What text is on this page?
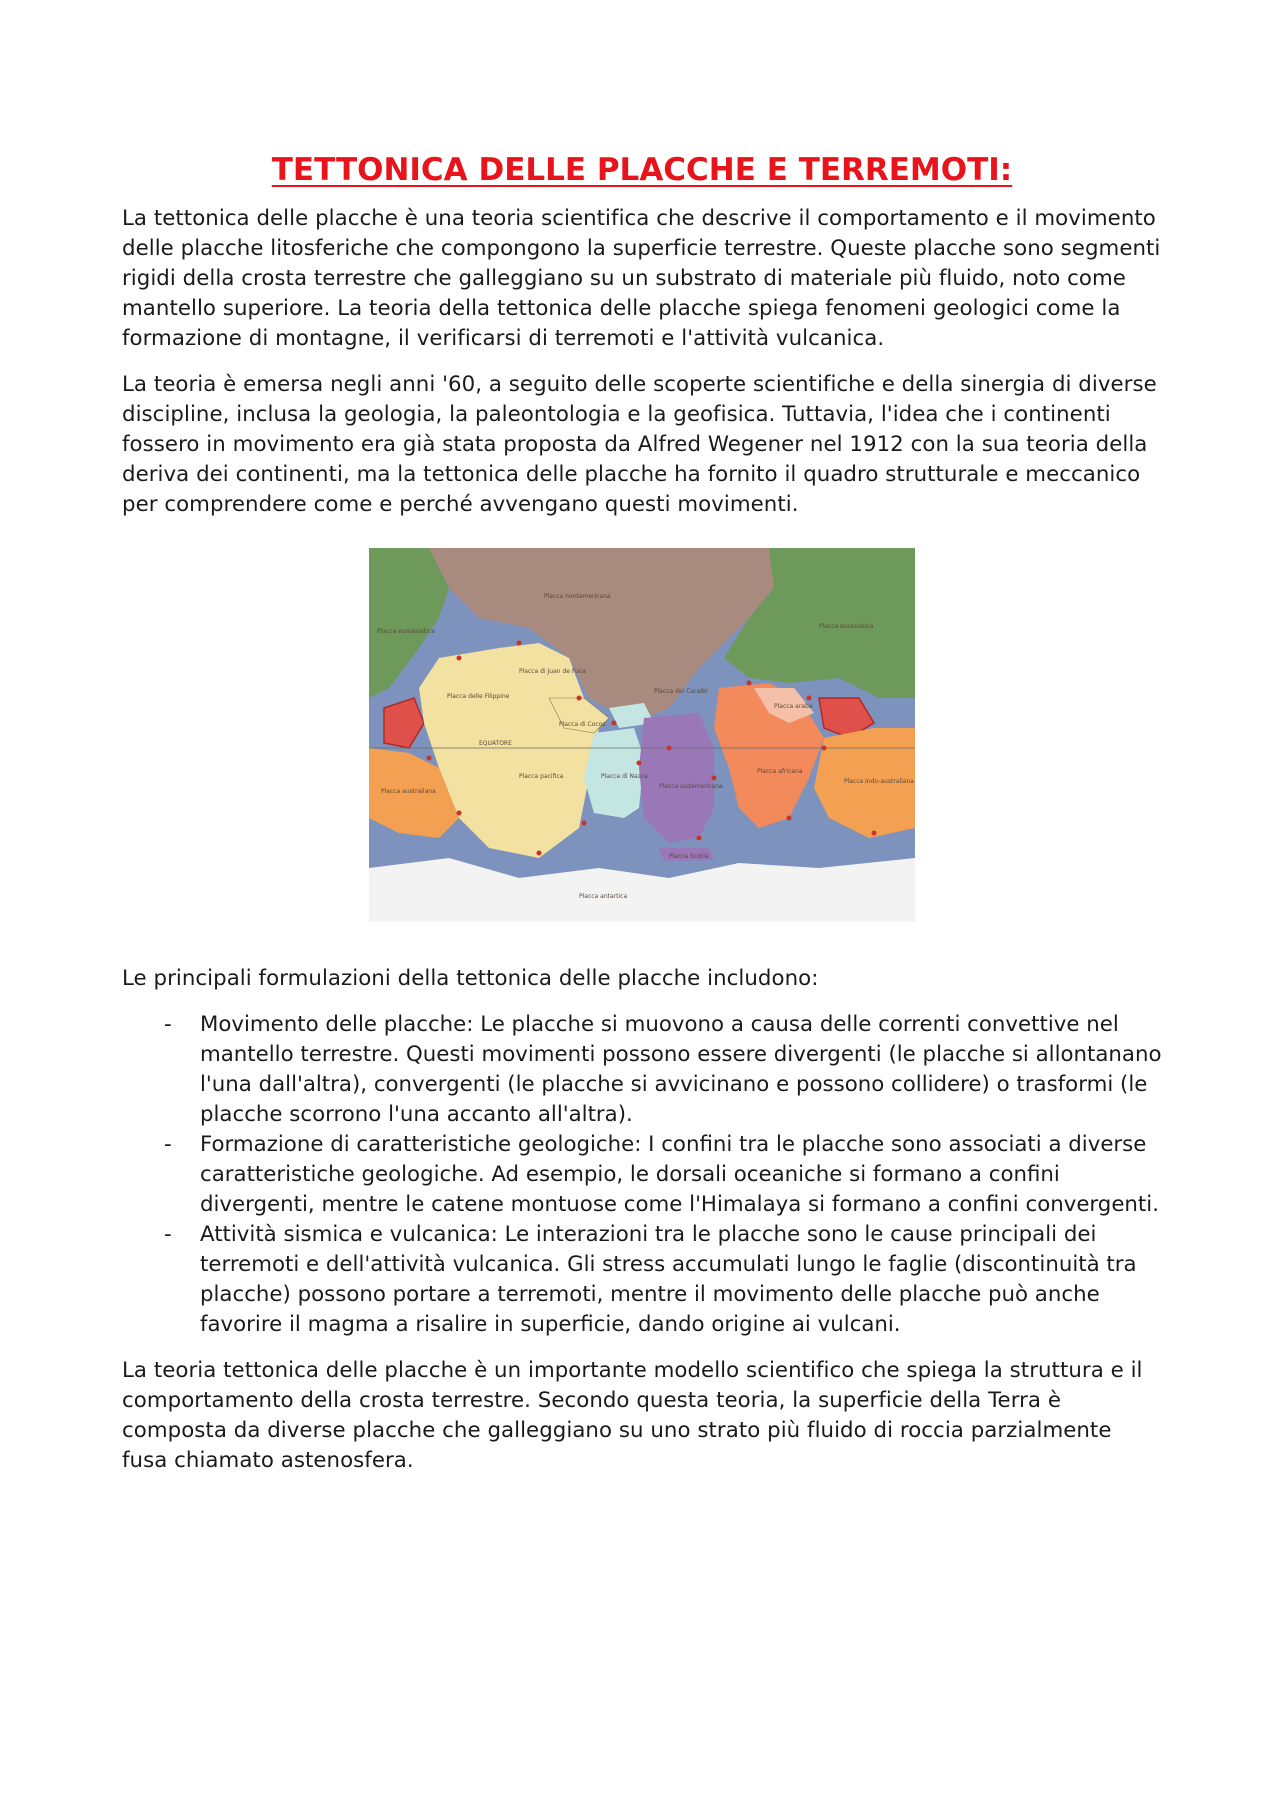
TETTONICA DELLE PLACCHE E TERREMOTI:

La tettonica delle placche è una teoria scientifica che descrive il comportamento e il movimento delle placche litosferiche che compongono la superficie terrestre. Queste placche sono segmenti rigidi della crosta terrestre che galleggiano su un substrato di materiale più fluido, noto come mantello superiore. La teoria della tettonica delle placche spiega fenomeni geologici come la formazione di montagne, il verificarsi di terremoti e l'attività vulcanica.

La teoria è emersa negli anni '60, a seguito delle scoperte scientifiche e della sinergia di diverse discipline, inclusa la geologia, la paleontologia e la geofisica. Tuttavia, l'idea che i continenti fossero in movimento era già stata proposta da Alfred Wegener nel 1912 con la sua teoria della deriva dei continenti, ma la tettonica delle placche ha fornito il quadro strutturale e meccanico per comprendere come e perché avvengano questi movimenti.

Placca euroasiatica
Placca nordamericana
Placca eurasiatica
Placca di Juan de Fuca
Placca delle Filippine
Placca dei Caraibi
Placca di Cocos
EQUATORE
Placca pacifica	Placca di Nazca
Placca sudamericana
Placca araba
Placca africana
Placca indo-australiana
Placca australiana
Placca Scotia
Placca antartica

Le principali formulazioni della tettonica delle placche includono:

- Movimento delle placche: Le placche si muovono a causa delle correnti convettive nel mantello terrestre. Questi movimenti possono essere divergenti (le placche si allontanano l'una dall'altra), convergenti (le placche si avvicinano e possono collidere) o trasformi (le placche scorrono l'una accanto all'altra).
- Formazione di caratteristiche geologiche: I confini tra le placche sono associati a diverse caratteristiche geologiche. Ad esempio, le dorsali oceaniche si formano a confini divergenti, mentre le catene montuose come l'Himalaya si formano a confini convergenti.
- Attività sismica e vulcanica: Le interazioni tra le placche sono le cause principali dei terremoti e dell'attività vulcanica. Gli stress accumulati lungo le faglie (discontinuità tra placche) possono portare a terremoti, mentre il movimento delle placche può anche favorire il magma a risalire in superficie, dando origine ai vulcani.

La teoria tettonica delle placche è un importante modello scientifico che spiega la struttura e il comportamento della crosta terrestre. Secondo questa teoria, la superficie della Terra è composta da diverse placche che galleggiano su uno strato più fluido di roccia parzialmente fusa chiamato astenosfera.
